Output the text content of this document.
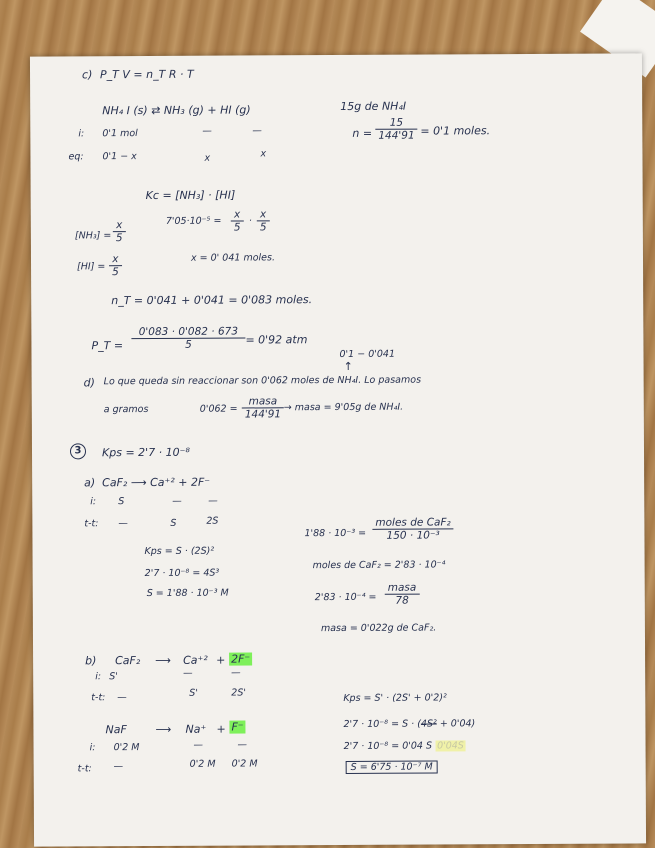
c) P_T V = n_T R · T
NH₄ I (s) ⇄ NH₃ (g) + HI (g)	15g de NH₄I
$n = \frac{15}{144'91} = 0'1$ moles.
i: 0'1 mol	—	—
eq: 0'1 − x	x	x
Kc = [NH₃] · [HI]
$[NH_3] = \frac{x}{5}$	$7'05\cdot 10^{-5} = \frac{x}{5} \cdot \frac{x}{5}$
$[HI] = \frac{x}{5}$	x = 0' 041 moles.
n_T = 0'041 + 0'041 = 0'083 moles.
P_T = $\frac{0'083 \cdot 0'082 \cdot 673}{5} = 0'92$ atm
0'1 − 0'041
↑
d) Lo que queda sin reaccionar son 0'062 moles de NH₄I. Lo pasamos
a gramos	0'062 =
masa
144'91
→ masa = 9'05g de NH₄I.
3	Kps = 2'7 · 10⁻⁸
a) CaF₂ ⟶ Ca⁺² + 2F⁻
i: S	—	—
t-t: —	S	2S
Kps = S · (2S)²
2'7 · 10⁻⁸ = 4S³
S = 1'88 · 10⁻³ M
1'88 · 10⁻³ =
moles de CaF₂
150 · 10⁻³
moles de CaF₂ = 2'83 · 10⁻⁴
2'83 · 10⁻⁴ =
masa
78
masa = 0'022g de CaF₂.
b) CaF₂ ⟶ Ca⁺² + 2F⁻
i: S'	—	—
t-t: —	S'	2S'
NaF	⟶ Na⁺ + F⁻
i: 0'2 M	—	—
t-t: —	0'2 M 0'2 M
Kps = S' · (2S' + 0'2)²
2'7 · 10⁻⁸ = S · (4S² + 0'04)
2'7 · 10⁻⁸ = 0'04 S 0'04S
S = 6'75 · 10⁻⁷ M
